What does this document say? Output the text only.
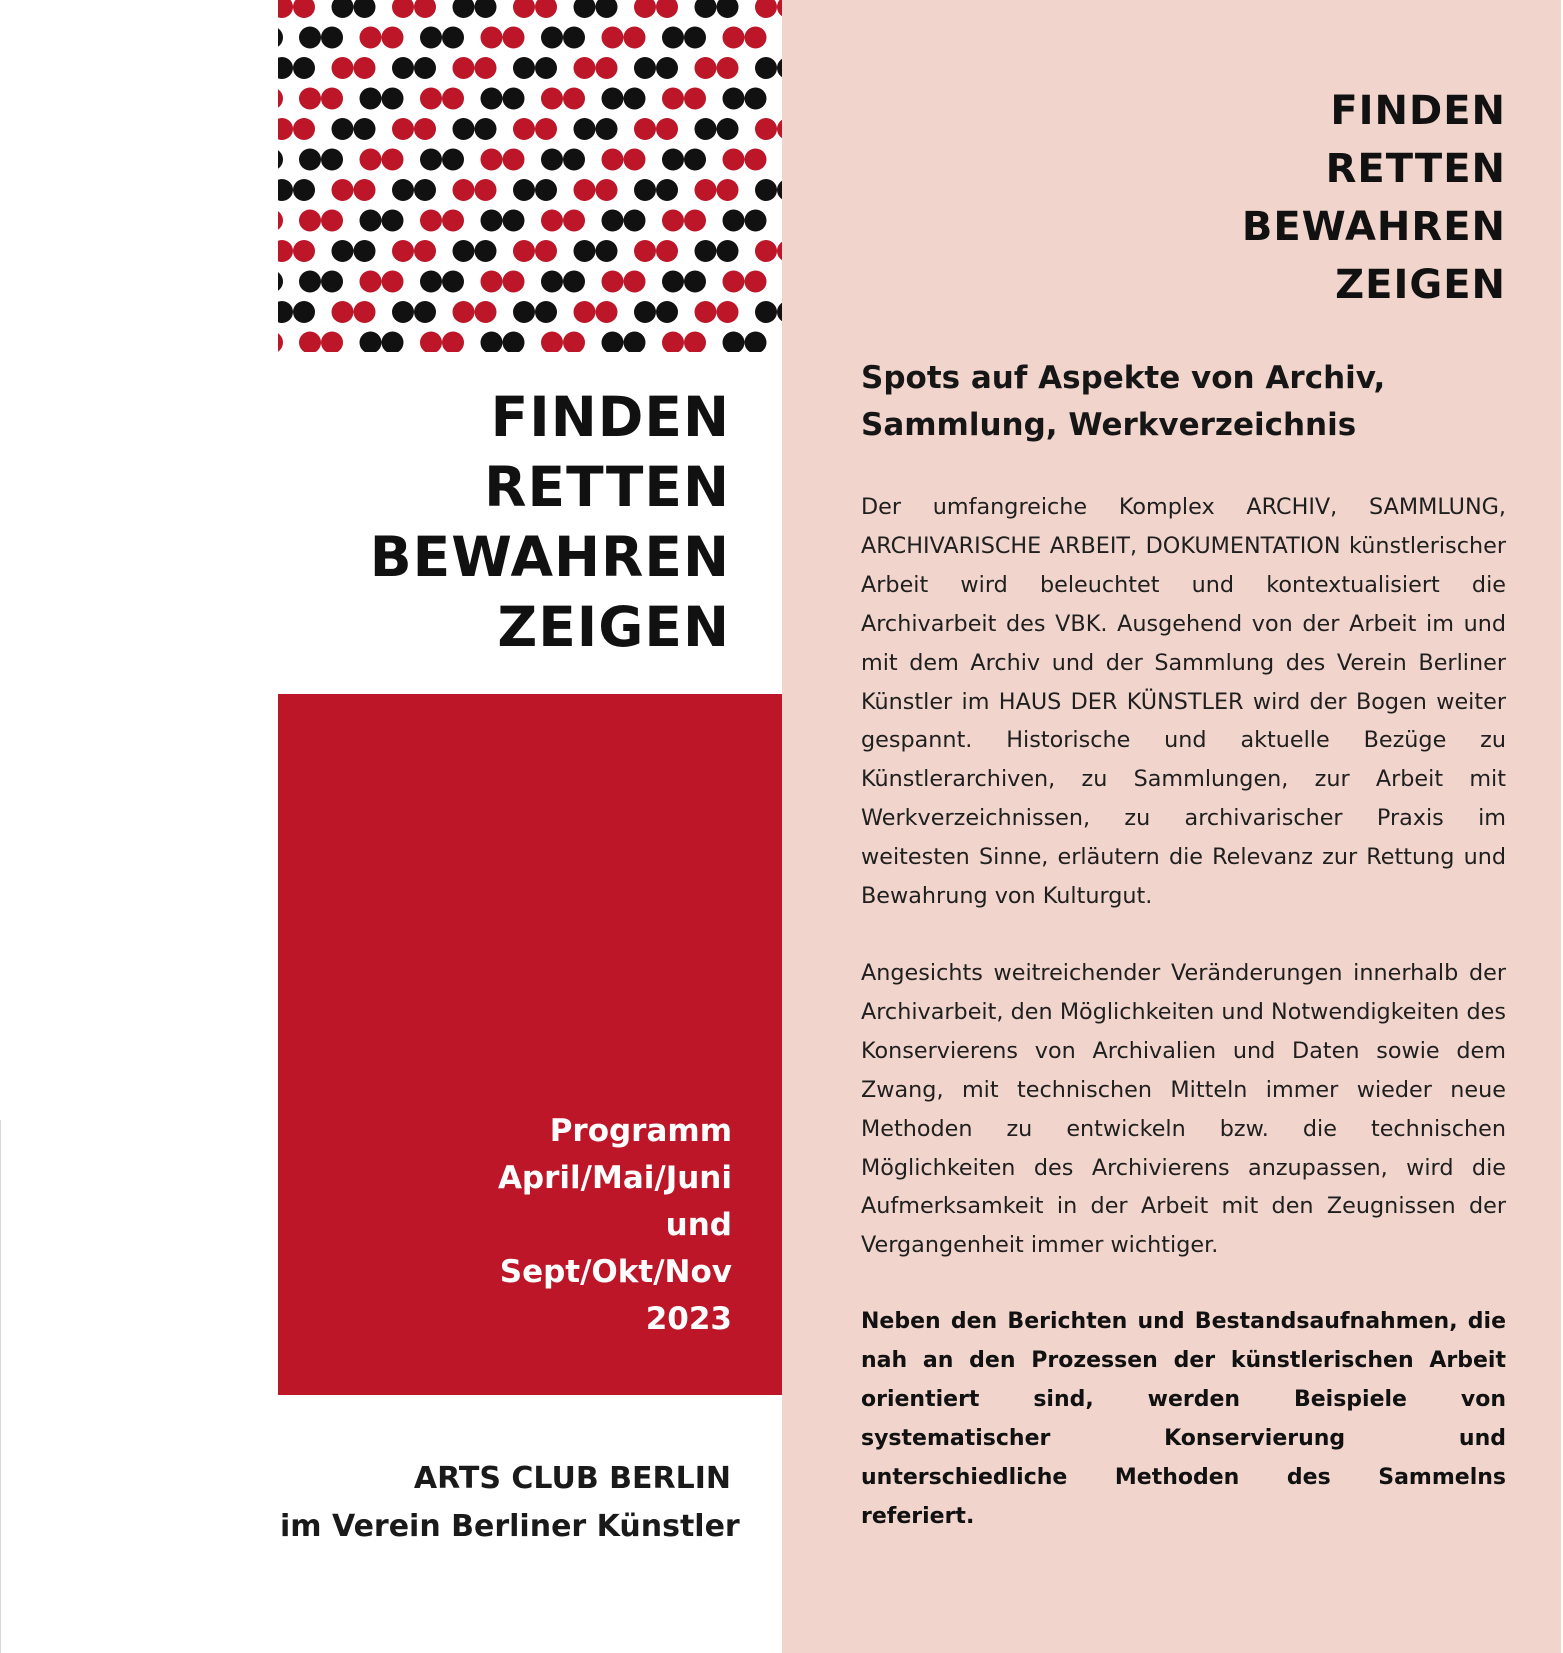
FINDEN
RETTEN
BEWAHREN
ZEIGEN
Programm
April/Mai/Juni
und
Sept/Okt/Nov
2023
ARTS CLUB BERLIN
im Verein Berliner Künstler
FINDEN
RETTEN
BEWAHREN
ZEIGEN
Spots auf Aspekte von Archiv,
Sammlung, Werkverzeichnis

Der umfangreiche Komplex ARCHIV, SAMMLUNG, ARCHIVARISCHE ARBEIT, DOKUMENTATION künstlerischer Arbeit wird beleuchtet und kontextualisiert die Archivarbeit des VBK. Ausgehend von der Arbeit im und mit dem Archiv und der Sammlung des Verein Berliner Künstler im HAUS DER KÜNSTLER wird der Bogen weiter gespannt. Historische und aktuelle Bezüge zu Künstlerarchiven, zu Sammlungen, zur Arbeit mit Werkverzeichnissen, zu archivarischer Praxis im weitesten Sinne, erläutern die Relevanz zur Rettung und Bewahrung von Kulturgut.

Angesichts weitreichender Veränderungen innerhalb der Archivarbeit, den Möglichkeiten und Notwendigkeiten des Konservierens von Archivalien und Daten sowie dem Zwang, mit technischen Mitteln immer wieder neue Methoden zu entwickeln bzw. die technischen Möglichkeiten des Archivierens anzupassen, wird die Aufmerksamkeit in der Arbeit mit den Zeugnissen der Vergangenheit immer wichtiger.

Neben den Berichten und Bestandsaufnahmen, die nah an den Prozessen der künstlerischen Arbeit orientiert sind, werden Beispiele von systematischer Konservierung und unterschiedliche Methoden des Sammelns referiert.
